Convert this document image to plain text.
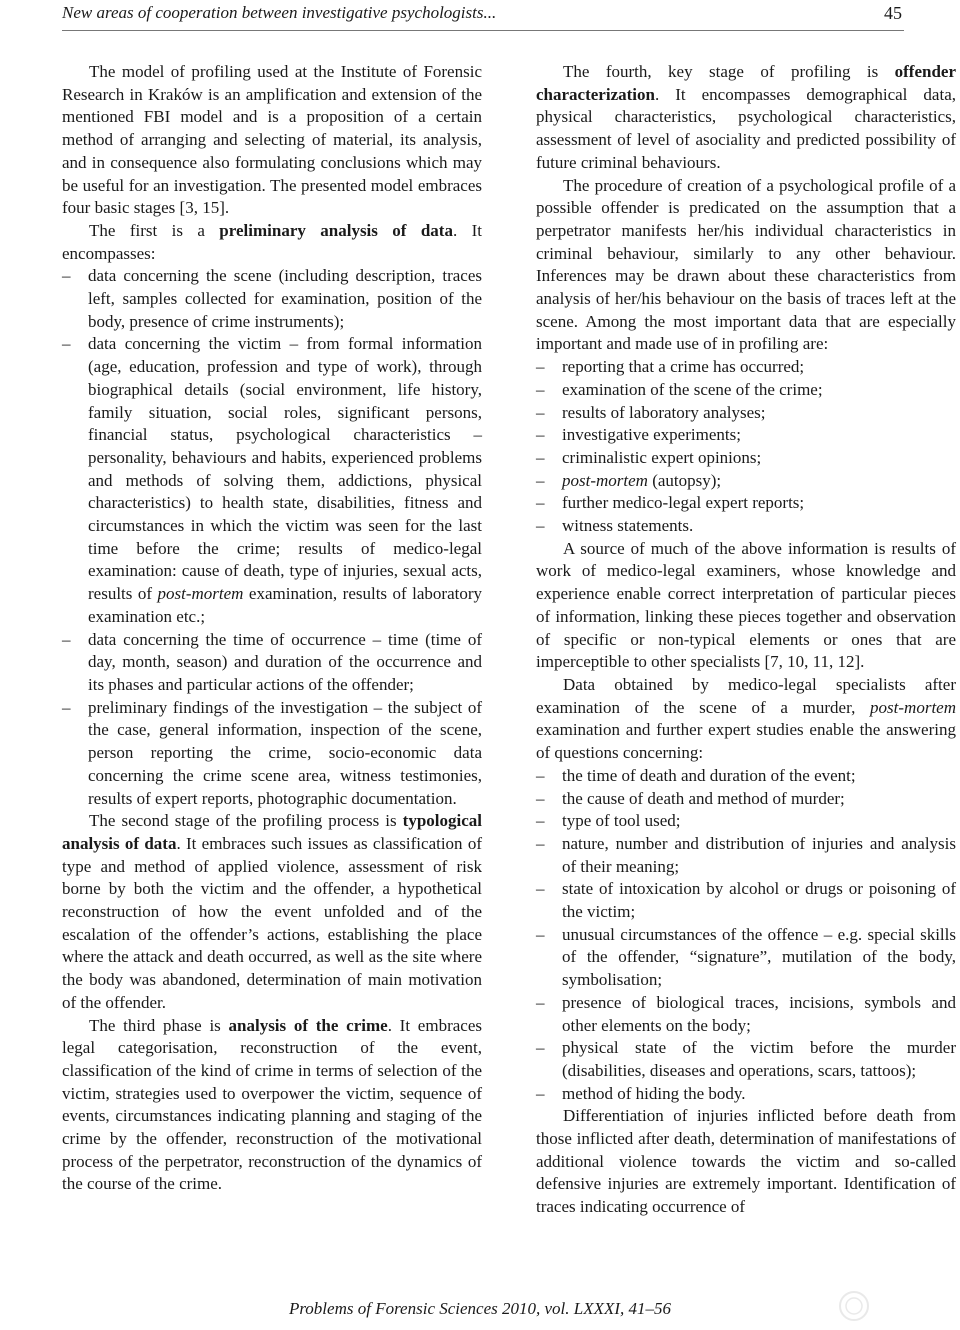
New areas of cooperation between investigative psychologists...	45

The model of profiling used at the Institute of Forensic Research in Kraków is an amplification and extension of the mentioned FBI model and is a proposition of a certain method of arranging and selecting of material, its analysis, and in consequence also formulating conclusions which may be useful for an investigation. The presented model embraces four basic stages [3, 15].

The first is a preliminary analysis of data. It encompasses:

– data concerning the scene (including description, traces left, samples collected for examination, position of the body, presence of crime instruments);
– data concerning the victim – from formal information (age, education, profession and type of work), through biographical details (social environment, life history, family situation, social roles, significant persons, financial status, psychological characteristics – personality, behaviours and habits, experienced problems and methods of solving them, addictions, physical characteristics) to health state, disabilities, fitness and circumstances in which the victim was seen for the last time before the crime; results of medico-legal examination: cause of death, type of injuries, sexual acts, results of post-mortem examination, results of laboratory examination etc.;
– data concerning the time of occurrence – time (time of day, month, season) and duration of the occurrence and its phases and particular actions of the offender;
– preliminary findings of the investigation – the subject of the case, general information, inspection of the scene, person reporting the crime, socio-economic data concerning the crime scene area, witness testimonies, results of expert reports, photographic documentation.

The second stage of the profiling process is typological analysis of data. It embraces such issues as classification of type and method of applied violence, assessment of risk borne by both the victim and the offender, a hypothetical reconstruction of how the event unfolded and of the escalation of the offender’s actions, establishing the place where the attack and death occurred, as well as the site where the body was abandoned, determination of main motivation of the offender.

The third phase is analysis of the crime. It embraces legal categorisation, reconstruction of the event, classification of the kind of crime in terms of selection of the victim, strategies used to overpower the victim, sequence of events, circumstances indicating planning and staging of the crime by the offender, reconstruction of the motivational process of the perpetrator, reconstruction of the dynamics of the course of the crime.

The fourth, key stage of profiling is offender characterization. It encompasses demographical data, physical characteristics, psychological characteristics, assessment of level of asociality and predicted possibility of future criminal behaviours.

The procedure of creation of a psychological profile of a possible offender is predicated on the assumption that a perpetrator manifests her/his individual characteristics in criminal behaviour, similarly to any other behaviour. Inferences may be drawn about these characteristics from analysis of her/his behaviour on the basis of traces left at the scene. Among the most important data that are especially important and made use of in profiling are:

– reporting that a crime has occurred;
– examination of the scene of the crime;
– results of laboratory analyses;
– investigative experiments;
– criminalistic expert opinions;
– post-mortem (autopsy);
– further medico-legal expert reports;
– witness statements.

A source of much of the above information is results of work of medico-legal examiners, whose knowledge and experience enable correct interpretation of particular pieces of information, linking these pieces together and observation of specific or non-typical elements or ones that are imperceptible to other specialists [7, 10, 11, 12].

Data obtained by medico-legal specialists after examination of the scene of a murder, post-mortem examination and further expert studies enable the answering of questions concerning:

– the time of death and duration of the event;
– the cause of death and method of murder;
– type of tool used;
– nature, number and distribution of injuries and analysis of their meaning;
– state of intoxication by alcohol or drugs or poisoning of the victim;
– unusual circumstances of the offence – e.g. special skills of the offender, “signature”, mutilation of the body, symbolisation;
– presence of biological traces, incisions, symbols and other elements on the body;
– physical state of the victim before the murder (disabilities, diseases and operations, scars, tattoos);
– method of hiding the body.

Differentiation of injuries inflicted before death from those inflicted after death, determination of manifestations of additional violence towards the victim and so-called defensive injuries are extremely important. Identification of traces indicating occurrence of

Problems of Forensic Sciences 2010, vol. LXXXI, 41–56
